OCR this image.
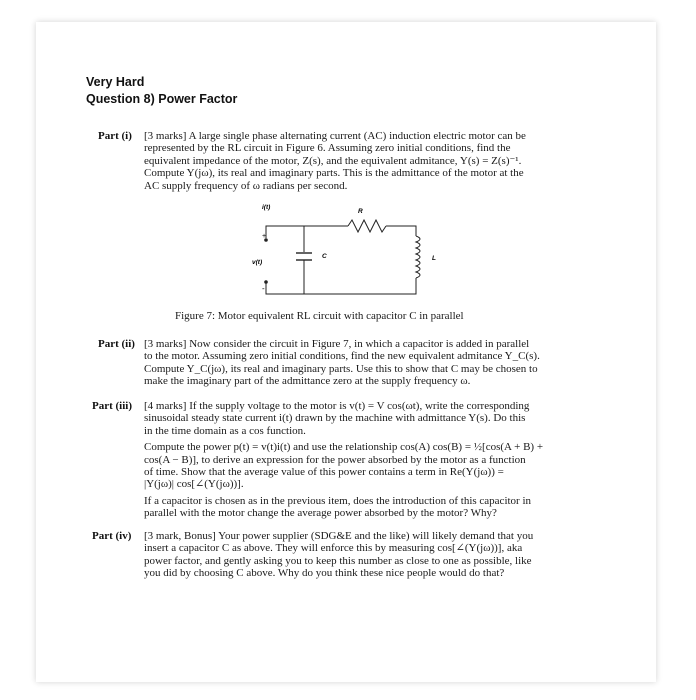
Very Hard
Question 8) Power Factor
Part (i) [3 marks] A large single phase alternating current (AC) induction electric motor can be
represented by the RL circuit in Figure 6. Assuming zero initial conditions, find the
equivalent impedance of the motor, Z(s), and the equivalent admitance, Y(s) = Z(s)⁻¹.
Compute Y(jω), its real and imaginary parts. This is the admittance of the motor at the
AC supply frequency of ω radians per second.
+
-
i(t)
R
v(t)
C	L
Figure 7: Motor equivalent RL circuit with capacitor C in parallel
Part (ii) [3 marks] Now consider the circuit in Figure 7, in which a capacitor is added in parallel
to the motor. Assuming zero initial conditions, find the new equivalent admitance Y_C(s).
Compute Y_C(jω), its real and imaginary parts. Use this to show that C may be chosen to
make the imaginary part of the admittance zero at the supply frequency ω.
Part (iii) [4 marks] If the supply voltage to the motor is v(t) = V cos(ωt), write the corresponding
sinusoidal steady state current i(t) drawn by the machine with admittance Y(s). Do this
in the time domain as a cos function.
Compute the power p(t) = v(t)i(t) and use the relationship cos(A) cos(B) = ½[cos(A + B) +
cos(A − B)], to derive an expression for the power absorbed by the motor as a function
of time. Show that the average value of this power contains a term in Re(Y(jω)) =
|Y(jω)| cos[∠(Y(jω))].
If a capacitor is chosen as in the previous item, does the introduction of this capacitor in
parallel with the motor change the average power absorbed by the motor? Why?
Part (iv) [3 mark, Bonus] Your power supplier (SDG&E and the like) will likely demand that you
insert a capacitor C as above. They will enforce this by measuring cos[∠(Y(jω))], aka
power factor, and gently asking you to keep this number as close to one as possible, like
you did by choosing C above. Why do you think these nice people would do that?
